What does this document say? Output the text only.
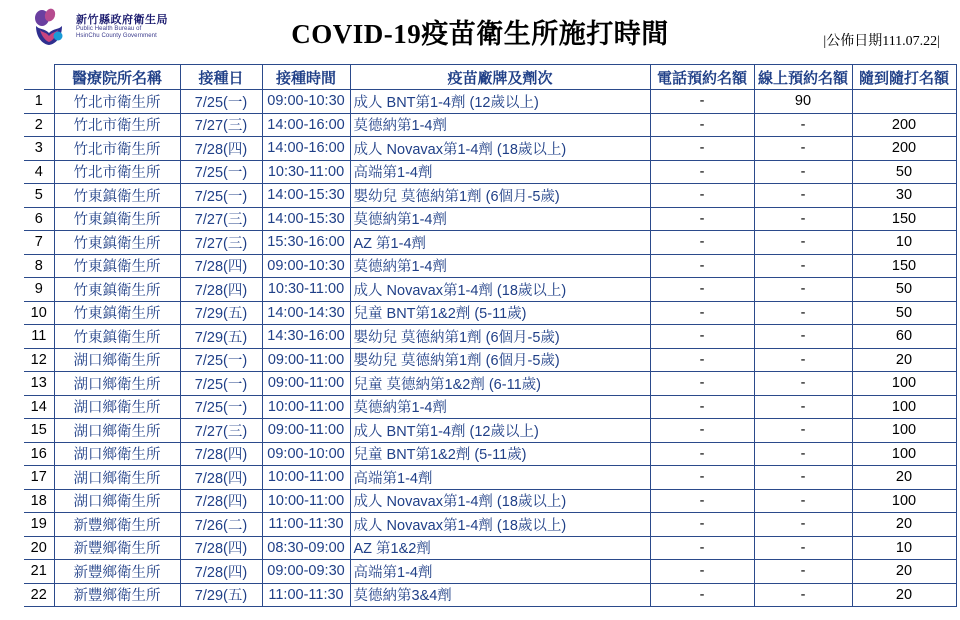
新竹縣政府衛生局
Public Health Bureau of
HsinChu County Government	COVID-19疫苗衛生所施打時間	|公佈日期111.07.22|
	醫療院所名稱	接種日	接種時間	疫苗廠牌及劑次	電話預約名額	線上預約名額	隨到隨打名額
1	竹北市衛生所	7/25(一)	09:00-10:30	成人 BNT第1-4劑 (12歲以上)	-	90	
2	竹北市衛生所	7/27(三)	14:00-16:00	莫德納第1-4劑	-	-	200
3	竹北市衛生所	7/28(四)	14:00-16:00	成人 Novavax第1-4劑 (18歲以上)	-	-	200
4	竹北市衛生所	7/25(一)	10:30-11:00	高端第1-4劑	-	-	50
5	竹東鎮衛生所	7/25(一)	14:00-15:30	嬰幼兒 莫德納第1劑 (6個月-5歲)	-	-	30
6	竹東鎮衛生所	7/27(三)	14:00-15:30	莫德納第1-4劑	-	-	150
7	竹東鎮衛生所	7/27(三)	15:30-16:00	AZ 第1-4劑	-	-	10
8	竹東鎮衛生所	7/28(四)	09:00-10:30	莫德納第1-4劑	-	-	150
9	竹東鎮衛生所	7/28(四)	10:30-11:00	成人 Novavax第1-4劑 (18歲以上)	-	-	50
10	竹東鎮衛生所	7/29(五)	14:00-14:30	兒童 BNT第1&2劑 (5-11歲)	-	-	50
11	竹東鎮衛生所	7/29(五)	14:30-16:00	嬰幼兒 莫德納第1劑 (6個月-5歲)	-	-	60
12	湖口鄉衛生所	7/25(一)	09:00-11:00	嬰幼兒 莫德納第1劑 (6個月-5歲)	-	-	20
13	湖口鄉衛生所	7/25(一)	09:00-11:00	兒童 莫德納第1&2劑 (6-11歲)	-	-	100
14	湖口鄉衛生所	7/25(一)	10:00-11:00	莫德納第1-4劑	-	-	100
15	湖口鄉衛生所	7/27(三)	09:00-11:00	成人 BNT第1-4劑 (12歲以上)	-	-	100
16	湖口鄉衛生所	7/28(四)	09:00-10:00	兒童 BNT第1&2劑 (5-11歲)	-	-	100
17	湖口鄉衛生所	7/28(四)	10:00-11:00	高端第1-4劑	-	-	20
18	湖口鄉衛生所	7/28(四)	10:00-11:00	成人 Novavax第1-4劑 (18歲以上)	-	-	100
19	新豐鄉衛生所	7/26(二)	11:00-11:30	成人 Novavax第1-4劑 (18歲以上)	-	-	20
20	新豐鄉衛生所	7/28(四)	08:30-09:00	AZ 第1&2劑	-	-	10
21	新豐鄉衛生所	7/28(四)	09:00-09:30	高端第1-4劑	-	-	20
22	新豐鄉衛生所	7/29(五)	11:00-11:30	莫德納第3&4劑	-	-	20
